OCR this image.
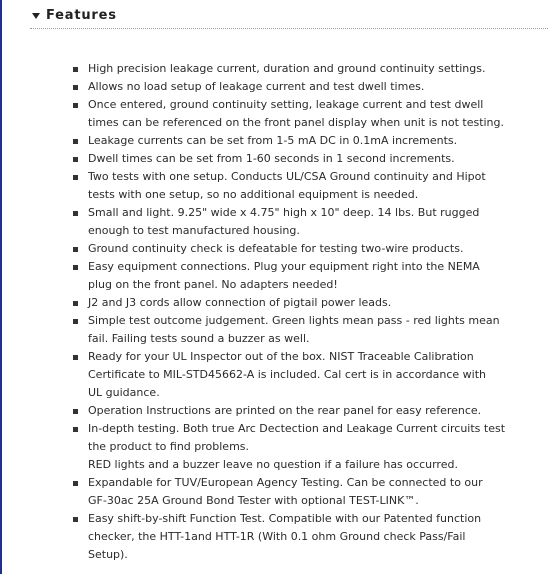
Features
High precision leakage current, duration and ground continuity settings.
Allows no load setup of leakage current and test dwell times.
Once entered, ground continuity setting, leakage current and test dwell
times can be referenced on the front panel display when unit is not testing.
Leakage currents can be set from 1-5 mA DC in 0.1mA increments.
Dwell times can be set from 1-60 seconds in 1 second increments.
Two tests with one setup. Conducts UL/CSA Ground continuity and Hipot
tests with one setup, so no additional equipment is needed.
Small and light. 9.25" wide x 4.75" high x 10" deep. 14 lbs. But rugged
enough to test manufactured housing.
Ground continuity check is defeatable for testing two-wire products.
Easy equipment connections. Plug your equipment right into the NEMA
plug on the front panel. No adapters needed!
J2 and J3 cords allow connection of pigtail power leads.
Simple test outcome judgement. Green lights mean pass - red lights mean
fail. Failing tests sound a buzzer as well.
Ready for your UL Inspector out of the box. NIST Traceable Calibration
Certificate to MIL-STD45662-A is included. Cal cert is in accordance with
UL guidance.
Operation Instructions are printed on the rear panel for easy reference.
In-depth testing. Both true Arc Dectection and Leakage Current circuits test
the product to find problems.
RED lights and a buzzer leave no question if a failure has occurred.
Expandable for TUV/European Agency Testing. Can be connected to our
GF-30ac 25A Ground Bond Tester with optional TEST-LINK™.
Easy shift-by-shift Function Test. Compatible with our Patented function
checker, the HTT-1and HTT-1R (With 0.1 ohm Ground check Pass/Fail
Setup).
